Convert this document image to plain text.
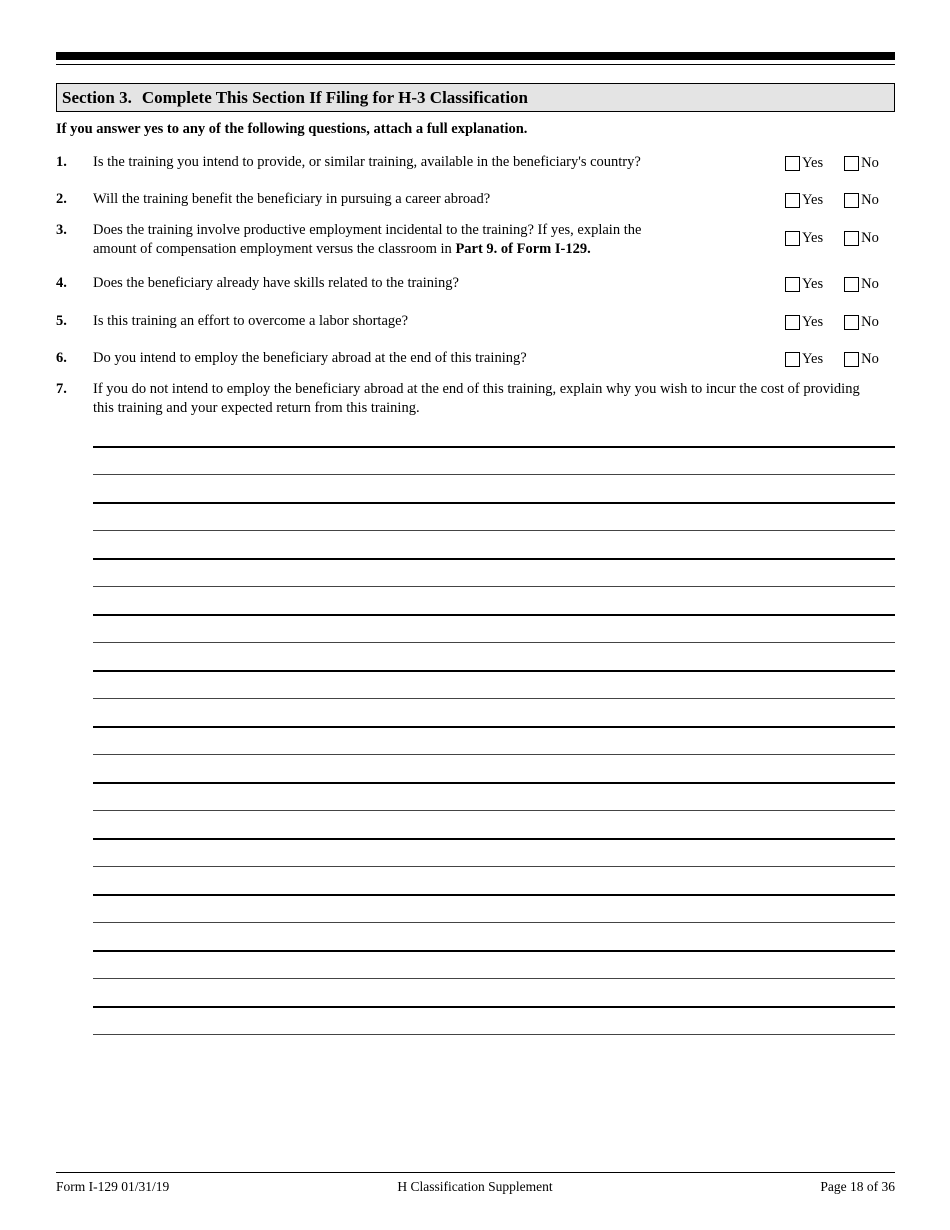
Section 3. Complete This Section If Filing for H-3 Classification
If you answer yes to any of the following questions, attach a full explanation.
1. Is the training you intend to provide, or similar training, available in the beneficiary's country?	Yes	No
2. Will the training benefit the beneficiary in pursuing a career abroad?	Yes	No
3. Does the training involve productive employment incidental to the training? If yes, explain the
amount of compensation employment versus the classroom in Part 9. of Form I-129.
Yes	No
4. Does the beneficiary already have skills related to the training?	Yes	No
5. Is this training an effort to overcome a labor shortage?	Yes	No
6. Do you intend to employ the beneficiary abroad at the end of this training?	Yes	No
7. If you do not intend to employ the beneficiary abroad at the end of this training, explain why you wish to incur the cost of providing this training and your expected return from this training.
Form I-129 01/31/19	H Classification Supplement	Page 18 of 36
